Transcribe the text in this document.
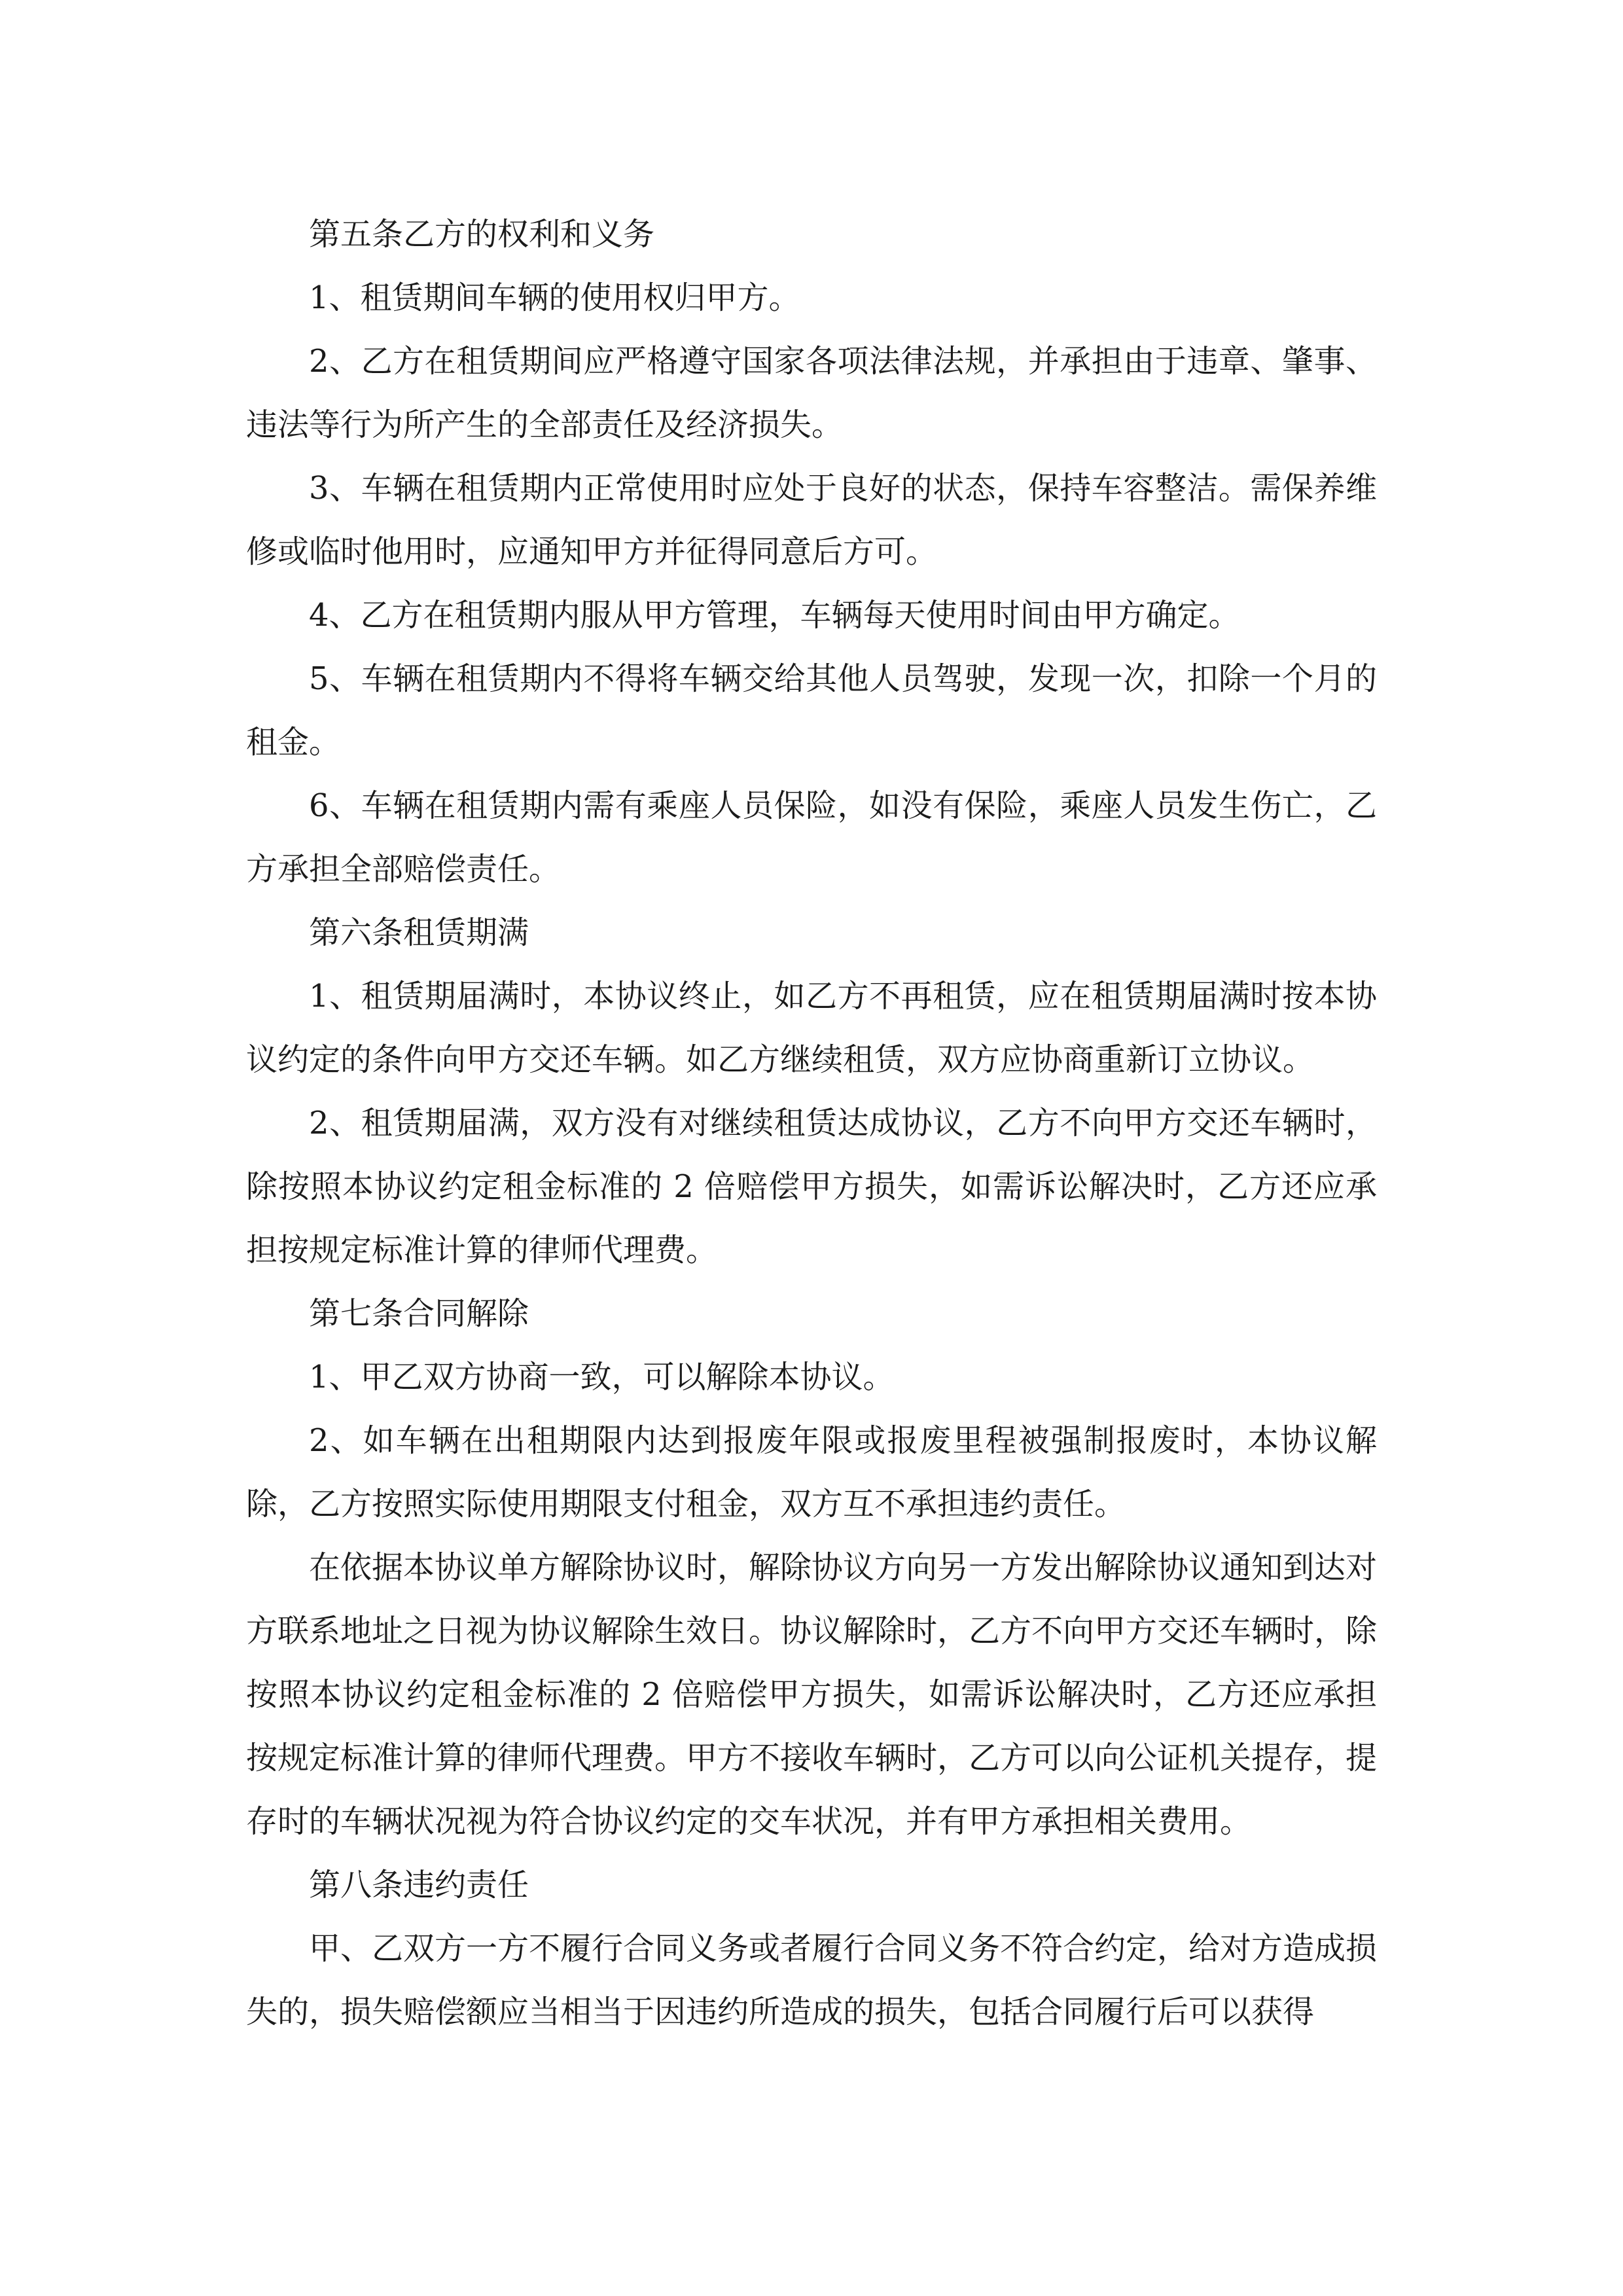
第五条乙方的权利和义务

1、租赁期间车辆的使用权归甲方。

2、乙方在租赁期间应严格遵守国家各项法律法规，并承担由于违章、肇事、违法等行为所产生的全部责任及经济损失。

3、车辆在租赁期内正常使用时应处于良好的状态，保持车容整洁。需保养维修或临时他用时，应通知甲方并征得同意后方可。

4、乙方在租赁期内服从甲方管理，车辆每天使用时间由甲方确定。

5、车辆在租赁期内不得将车辆交给其他人员驾驶，发现一次，扣除一个月的租金。

6、车辆在租赁期内需有乘座人员保险，如没有保险，乘座人员发生伤亡，乙方承担全部赔偿责任。

第六条租赁期满

1、租赁期届满时，本协议终止，如乙方不再租赁，应在租赁期届满时按本协议约定的条件向甲方交还车辆。如乙方继续租赁，双方应协商重新订立协议。

2、租赁期届满，双方没有对继续租赁达成协议，乙方不向甲方交还车辆时，除按照本协议约定租金标准的 2 倍赔偿甲方损失，如需诉讼解决时，乙方还应承担按规定标准计算的律师代理费。

第七条合同解除

1、甲乙双方协商一致，可以解除本协议。

2、如车辆在出租期限内达到报废年限或报废里程被强制报废时，本协议解除，乙方按照实际使用期限支付租金，双方互不承担违约责任。

在依据本协议单方解除协议时，解除协议方向另一方发出解除协议通知到达对方联系地址之日视为协议解除生效日。协议解除时，乙方不向甲方交还车辆时，除按照本协议约定租金标准的 2 倍赔偿甲方损失，如需诉讼解决时，乙方还应承担按规定标准计算的律师代理费。甲方不接收车辆时，乙方可以向公证机关提存，提存时的车辆状况视为符合协议约定的交车状况，并有甲方承担相关费用。

第八条违约责任

甲、乙双方一方不履行合同义务或者履行合同义务不符合约定，给对方造成损失的，损失赔偿额应当相当于因违约所造成的损失，包括合同履行后可以获得
